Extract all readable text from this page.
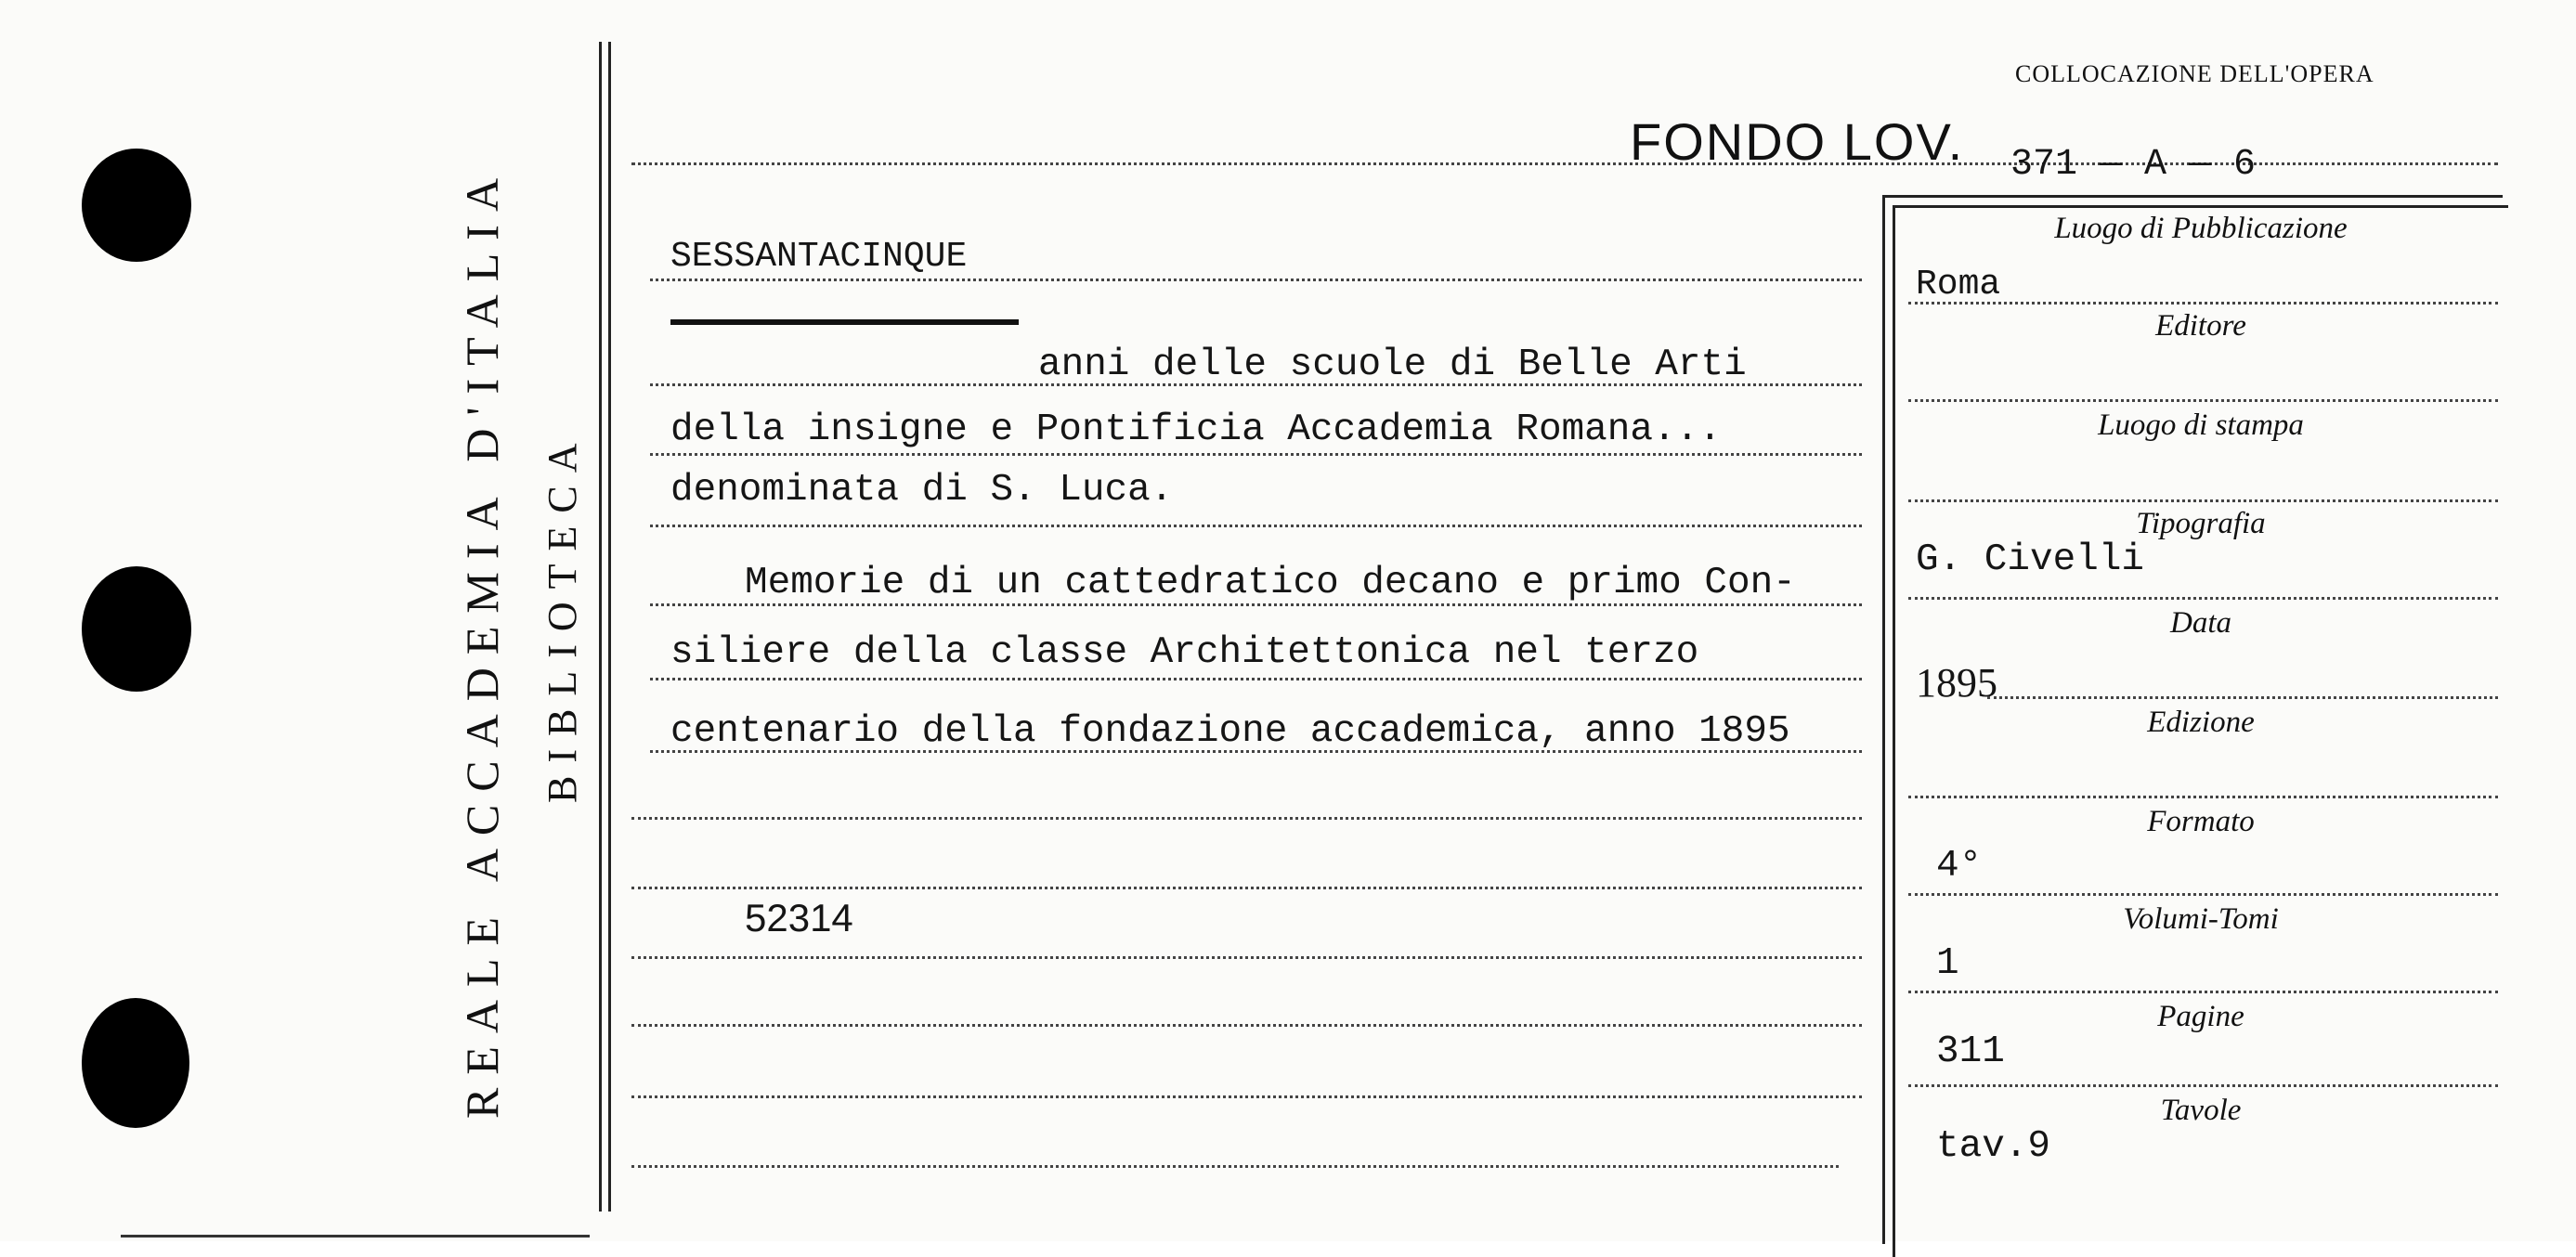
REALE ACCADEMIA D'ITALIA BIBLIOTECA
COLLOCAZIONE DELL'OPERA
FONDO LOV. 371 — A — 6
SESSANTACINQUE
anni delle scuole di Belle Arti
della insigne e Pontificia Accademia Romana...
denominata di S. Luca.
Memorie di un cattedratico decano e primo Con-
siliere della classe Architettonica nel terzo
centenario della fondazione accademica, anno 1895
52314
Luogo di Pubblicazione
Roma
Editore
Luogo di stampa
Tipografia
G. Civelli
Data
1895
Edizione
Formato
4°
Volumi-Tomi
1
Pagine
311
Tavole
tav.9
